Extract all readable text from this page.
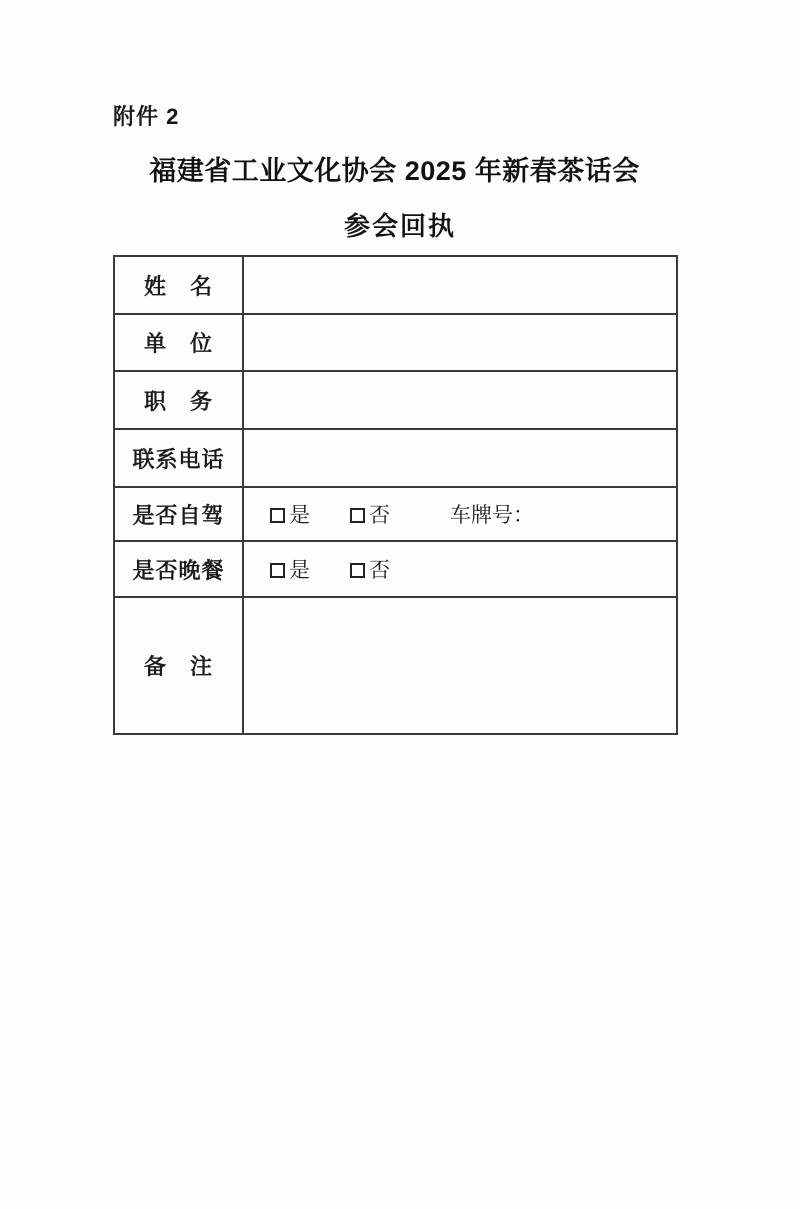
附件 2
福建省工业文化协会 2025 年新春茶话会
参会回执
姓　名	
单　位	
职　务	
联系电话	
是否自驾	是 否 车牌号：
是否晚餐	是 否
备　注	
